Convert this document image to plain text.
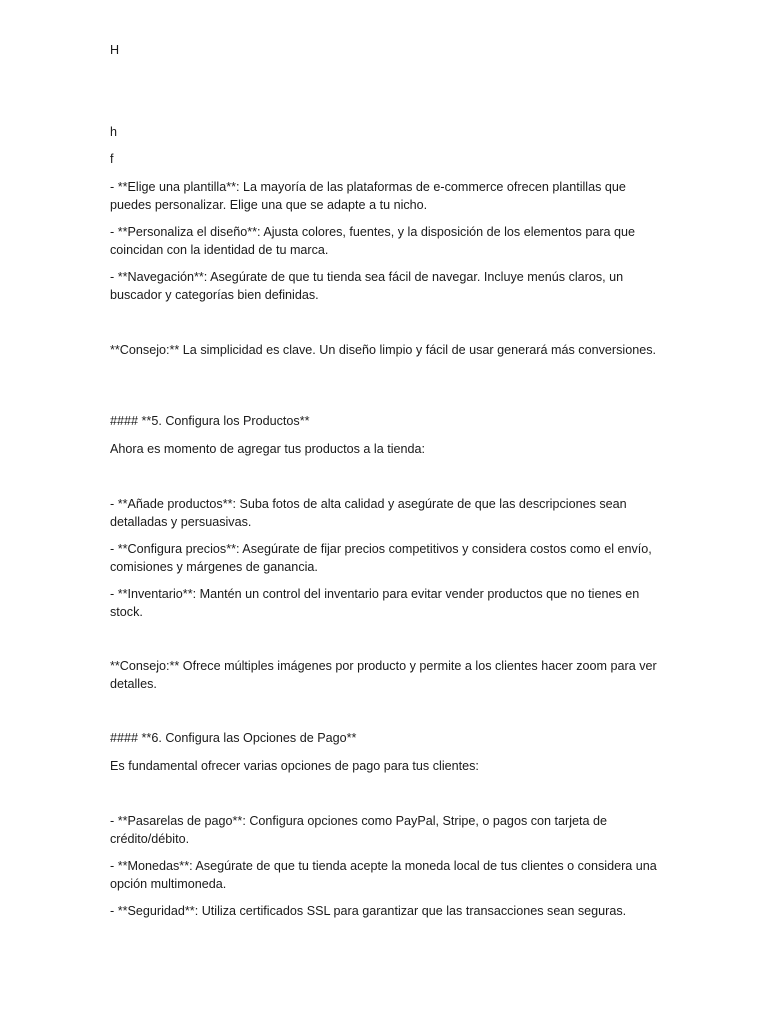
H
h
f
- **Elige una plantilla**: La mayoría de las plataformas de e-commerce ofrecen plantillas que puedes personalizar. Elige una que se adapte a tu nicho.
- **Personaliza el diseño**: Ajusta colores, fuentes, y la disposición de los elementos para que coincidan con la identidad de tu marca.
- **Navegación**: Asegúrate de que tu tienda sea fácil de navegar. Incluye menús claros, un buscador y categorías bien definidas.
**Consejo:** La simplicidad es clave. Un diseño limpio y fácil de usar generará más conversiones.
#### **5. Configura los Productos**
Ahora es momento de agregar tus productos a la tienda:
- **Añade productos**: Suba fotos de alta calidad y asegúrate de que las descripciones sean detalladas y persuasivas.
- **Configura precios**: Asegúrate de fijar precios competitivos y considera costos como el envío, comisiones y márgenes de ganancia.
- **Inventario**: Mantén un control del inventario para evitar vender productos que no tienes en stock.
**Consejo:** Ofrece múltiples imágenes por producto y permite a los clientes hacer zoom para ver detalles.
#### **6. Configura las Opciones de Pago**
Es fundamental ofrecer varias opciones de pago para tus clientes:
- **Pasarelas de pago**: Configura opciones como PayPal, Stripe, o pagos con tarjeta de crédito/débito.
- **Monedas**: Asegúrate de que tu tienda acepte la moneda local de tus clientes o considera una opción multimoneda.
- **Seguridad**: Utiliza certificados SSL para garantizar que las transacciones sean seguras.
